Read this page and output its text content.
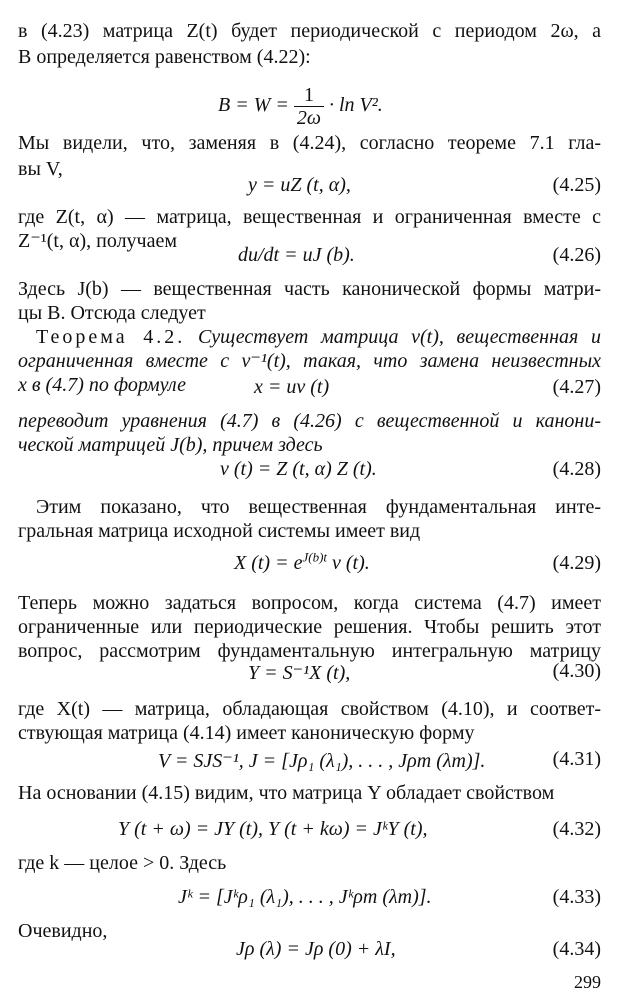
в (4.23) матрица Z(t) будет периодической с периодом 2ω, а
B определяется равенством (4.22):
$B = W = \frac{1}{2\omega} \cdot \ln V^2$.
Мы видели, что, заменяя в (4.24), согласно теореме 7.1 гла-
вы V,
y = uZ (t, α),	(4.25)
где Z(t, α) — матрица, вещественная и ограниченная вместе с
Z⁻¹(t, α), получаем
du/dt = uJ (b).	(4.26)
Здесь J(b) — вещественная часть канонической формы матри-
цы B. Отсюда следует
Теорема 4.2. Существует матрица v(t), вещественная и
ограниченная вместе с v⁻¹(t), такая, что замена неизвестных
x в (4.7) по формуле	x = uv (t)	(4.27)
переводит уравнения (4.7) в (4.26) с вещественной и канони-
ческой матрицей J(b), причем здесь
v (t) = Z (t, α) Z (t).	(4.28)
Этим показано, что вещественная фундаментальная инте-
гральная матрица исходной системы имеет вид
X $(t) = e^{J(b)t}$ v (t).	(4.29)
Теперь можно задаться вопросом, когда система (4.7) имеет
ограниченные или периодические решения. Чтобы решить этот
вопрос, рассмотрим фундаментальную интегральную матрицу
Y = S⁻¹X (t),	(4.30)
где X(t) — матрица, обладающая свойством (4.10), и соответ-
ствующая матрица (4.14) имеет каноническую форму
V = SJS⁻¹, J = [Jρ₁ (λ₁), . . . , Jρm (λm)].	(4.31)
На основании (4.15) видим, что матрица Y обладает свойством
Y (t + ω) = JY (t), Y (t + kω) = JᵏY (t),	(4.32)
где k — целое > 0. Здесь
Jᵏ = [Jᵏρ₁ (λ₁), . . . , Jᵏρm (λm)].	(4.33)
Очевидно,
Jρ (λ) = Jρ (0) + λI,	(4.34)
299
